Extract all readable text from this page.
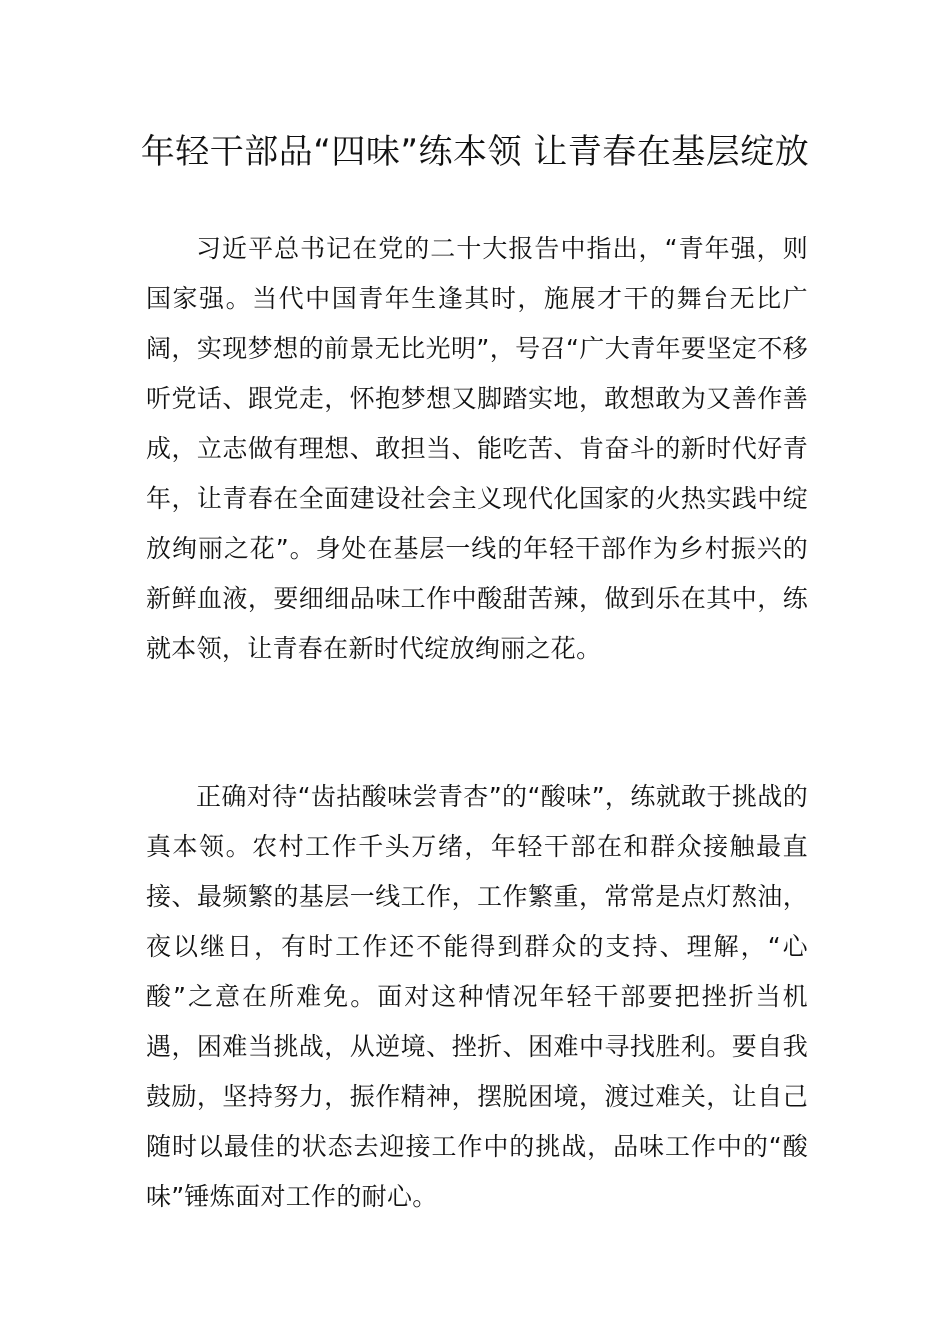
年轻干部品“四味”练本领 让青春在基层绽放

习近平总书记在党的二十大报告中指出，“青年强，则国家强。当代中国青年生逢其时，施展才干的舞台无比广阔，实现梦想的前景无比光明”，号召“广大青年要坚定不移听党话、跟党走，怀抱梦想又脚踏实地，敢想敢为又善作善成，立志做有理想、敢担当、能吃苦、肯奋斗的新时代好青年，让青春在全面建设社会主义现代化国家的火热实践中绽放绚丽之花”。身处在基层一线的年轻干部作为乡村振兴的新鲜血液，要细细品味工作中酸甜苦辣，做到乐在其中，练就本领，让青春在新时代绽放绚丽之花。

正确对待“齿拈酸味尝青杏”的“酸味”，练就敢于挑战的真本领。农村工作千头万绪，年轻干部在和群众接触最直接、最频繁的基层一线工作，工作繁重，常常是点灯熬油，夜以继日，有时工作还不能得到群众的支持、理解，“心酸”之意在所难免。面对这种情况年轻干部要把挫折当机遇，困难当挑战，从逆境、挫折、困难中寻找胜利。要自我鼓励，坚持努力，振作精神，摆脱困境，渡过难关，让自己随时以最佳的状态去迎接工作中的挑战，品味工作中的“酸味”锤炼面对工作的耐心。
